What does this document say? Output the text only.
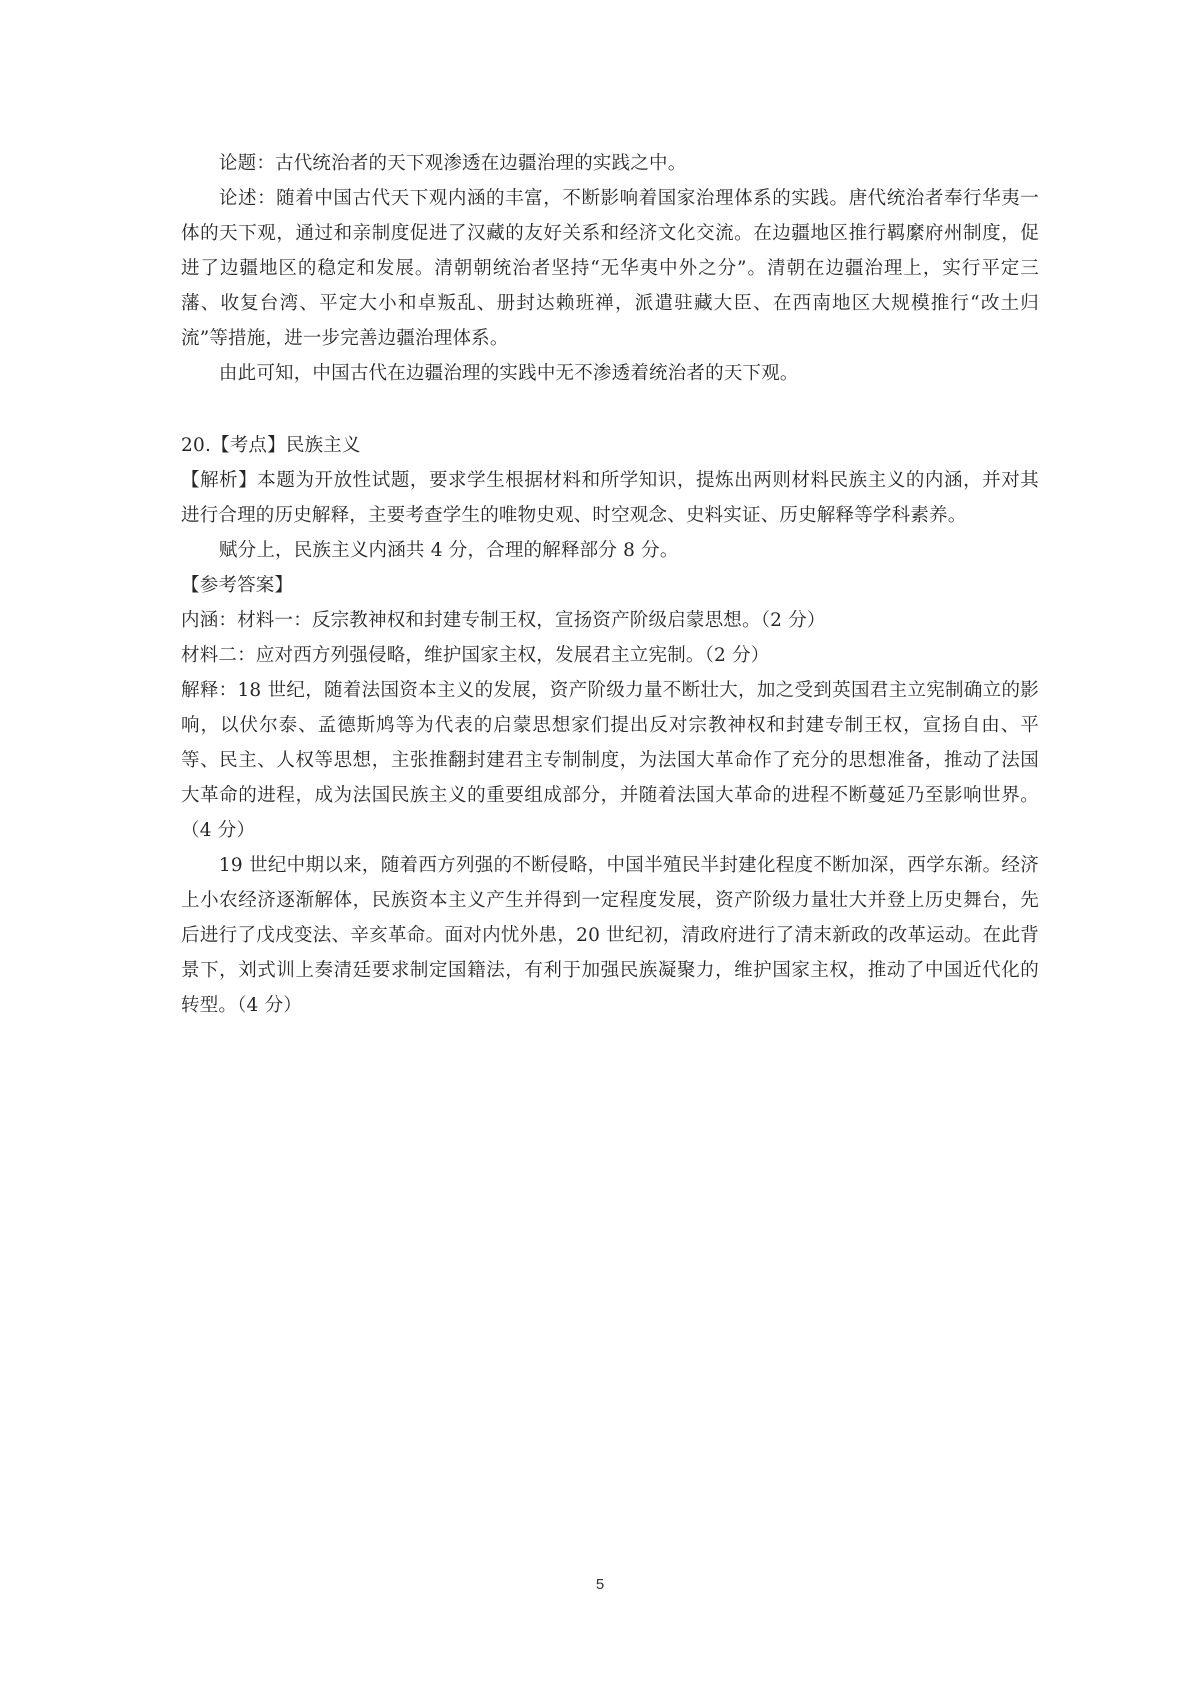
论题：古代统治者的天下观渗透在边疆治理的实践之中。

论述：随着中国古代天下观内涵的丰富，不断影响着国家治理体系的实践。唐代统治者奉行华夷一体的天下观，通过和亲制度促进了汉藏的友好关系和经济文化交流。在边疆地区推行羁縻府州制度，促进了边疆地区的稳定和发展。清朝朝统治者坚持“无华夷中外之分”。清朝在边疆治理上，实行平定三藩、收复台湾、平定大小和卓叛乱、册封达赖班禅，派遣驻藏大臣、在西南地区大规模推行“改土归流”等措施，进一步完善边疆治理体系。

由此可知，中国古代在边疆治理的实践中无不渗透着统治者的天下观。

20.【考点】民族主义

【解析】本题为开放性试题，要求学生根据材料和所学知识，提炼出两则材料民族主义的内涵，并对其进行合理的历史解释，主要考查学生的唯物史观、时空观念、史料实证、历史解释等学科素养。

赋分上，民族主义内涵共 4 分，合理的解释部分 8 分。

【参考答案】

内涵：材料一：反宗教神权和封建专制王权，宣扬资产阶级启蒙思想。（2 分）

材料二：应对西方列强侵略，维护国家主权，发展君主立宪制。（2 分）

解释：18 世纪，随着法国资本主义的发展，资产阶级力量不断壮大，加之受到英国君主立宪制确立的影响，以伏尔泰、孟德斯鸠等为代表的启蒙思想家们提出反对宗教神权和封建专制王权，宣扬自由、平等、民主、人权等思想，主张推翻封建君主专制制度，为法国大革命作了充分的思想准备，推动了法国大革命的进程，成为法国民族主义的重要组成部分，并随着法国大革命的进程不断蔓延乃至影响世界。（4 分）

19 世纪中期以来，随着西方列强的不断侵略，中国半殖民半封建化程度不断加深，西学东渐。经济上小农经济逐渐解体，民族资本主义产生并得到一定程度发展，资产阶级力量壮大并登上历史舞台，先后进行了戊戌变法、辛亥革命。面对内忧外患，20 世纪初，清政府进行了清末新政的改革运动。在此背景下，刘式训上奏清廷要求制定国籍法，有利于加强民族凝聚力，维护国家主权，推动了中国近代化的转型。（4 分）

5
